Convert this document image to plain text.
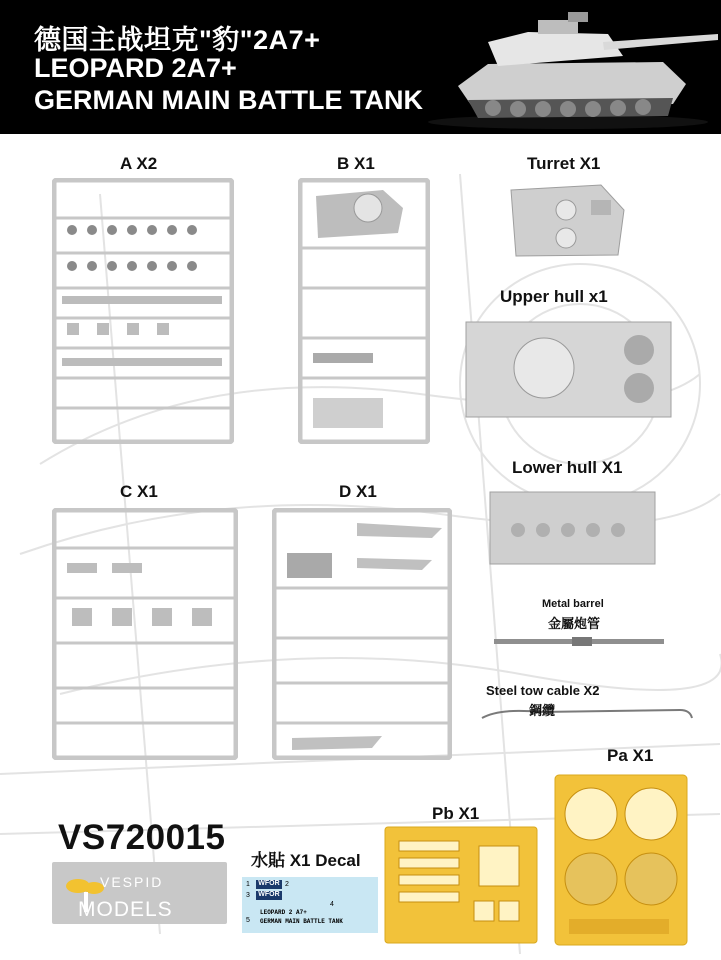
德国主战坦克"豹"2A7+
LEOPARD 2A7+
GERMAN MAIN BATTLE TANK
A X2	B X1	Turret X1
Upper hull x1
Lower hull X1
C X1	D X1
Metal barrel
金屬炮管
Steel tow cable X2
鋼纜
Pa X1
Pb X1
水貼 X1 Decal
VS720015
VESPID
MODELS
1	WFOR 2
3	WFOR
4
5
LEOPARD 2 A7+
GERMAN MAIN BATTLE TANK
